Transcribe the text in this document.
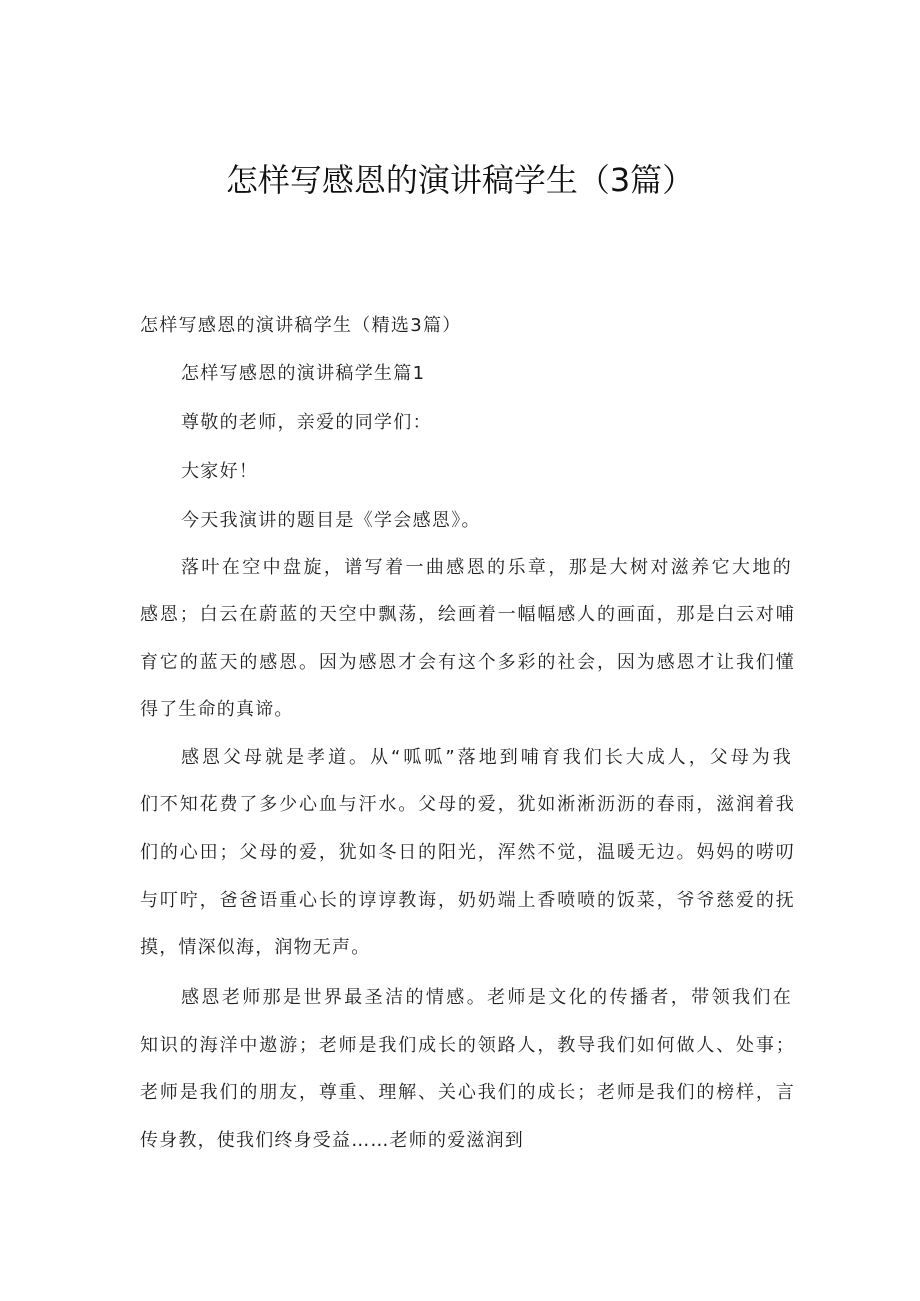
怎样写感恩的演讲稿学生（3篇）
怎样写感恩的演讲稿学生（精选3篇）
怎样写感恩的演讲稿学生篇1
尊敬的老师，亲爱的同学们：
大家好！
今天我演讲的题目是《学会感恩》。
落叶在空中盘旋，谱写着一曲感恩的乐章，那是大树对滋养它大地的
感恩；白云在蔚蓝的天空中飘荡，绘画着一幅幅感人的画面，那是白云对哺
育它的蓝天的感恩。因为感恩才会有这个多彩的社会，因为感恩才让我们懂
得了生命的真谛。
感恩父母就是孝道。从“呱呱”落地到哺育我们长大成人，父母为我
们不知花费了多少心血与汗水。父母的爱，犹如淅淅沥沥的春雨，滋润着我
们的心田；父母的爱，犹如冬日的阳光，浑然不觉，温暖无边。妈妈的唠叨
与叮咛，爸爸语重心长的谆谆教诲，奶奶端上香喷喷的饭菜，爷爷慈爱的抚
摸，情深似海，润物无声。
感恩老师那是世界最圣洁的情感。老师是文化的传播者，带领我们在
知识的海洋中遨游；老师是我们成长的领路人，教导我们如何做人、处事；
老师是我们的朋友，尊重、理解、关心我们的成长；老师是我们的榜样，言
传身教，使我们终身受益……老师的爱滋润到
